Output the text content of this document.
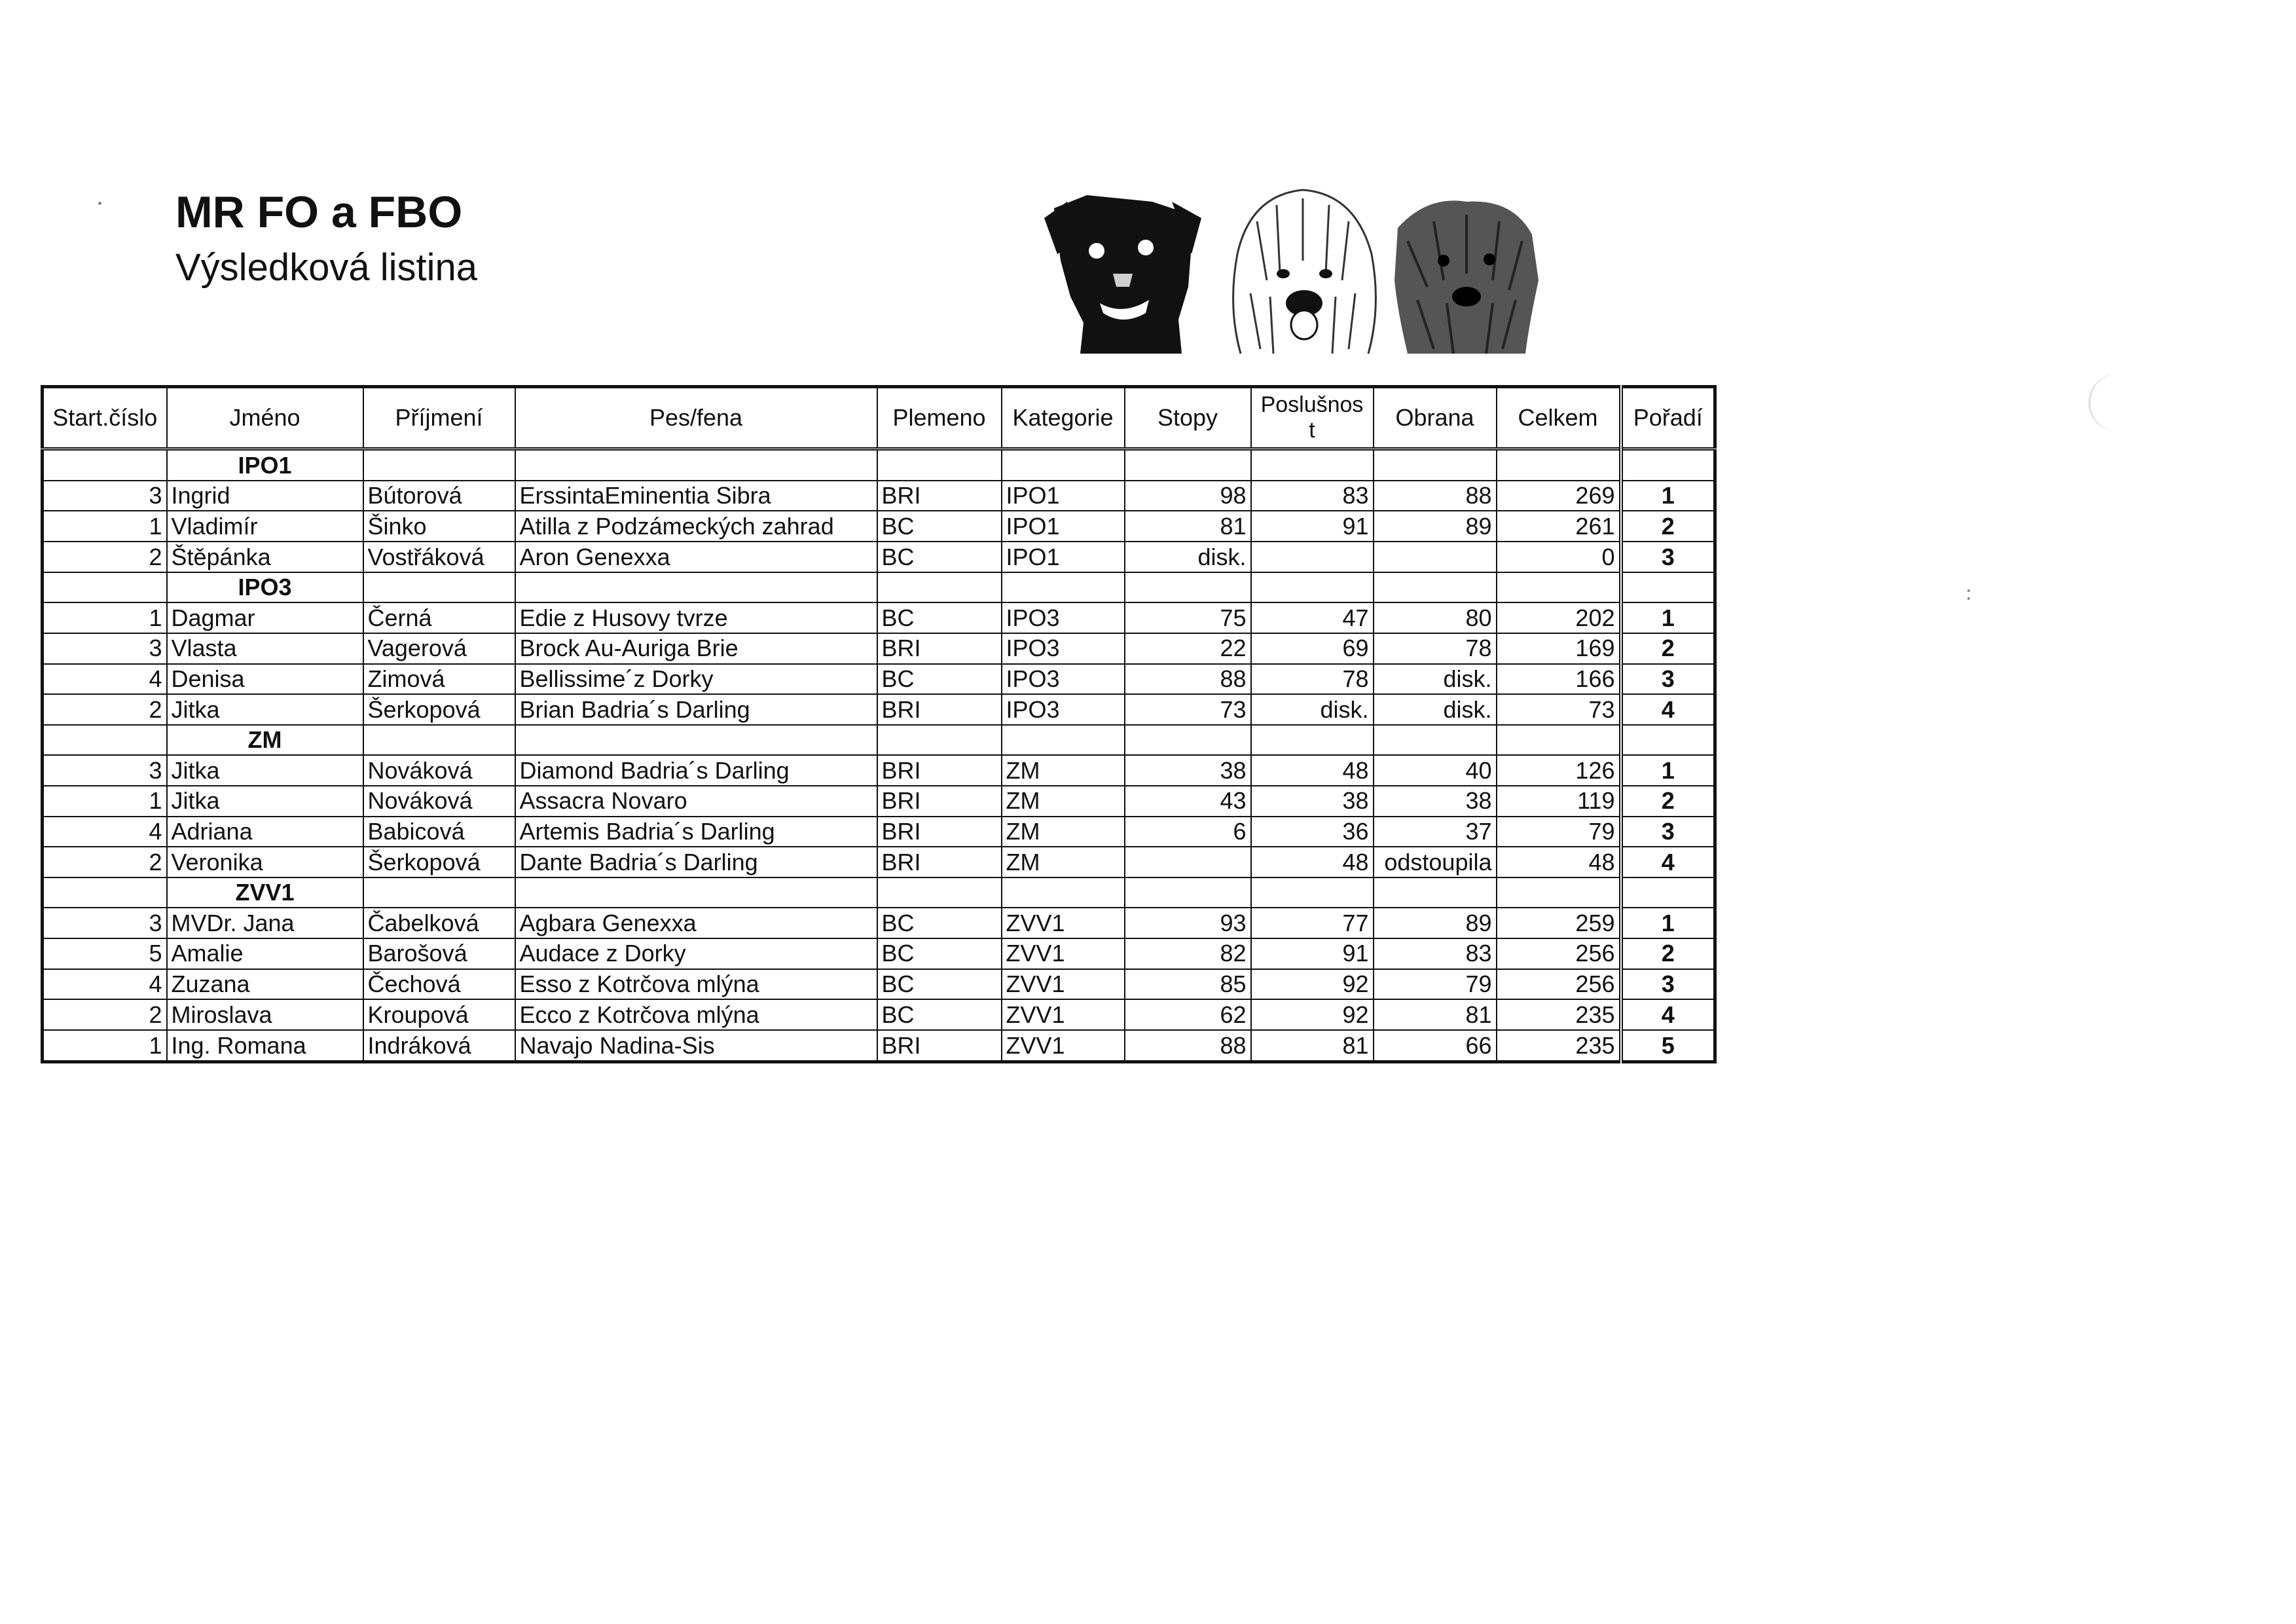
MR FO a FBO
Výsledková listina
Start.číslo	Jméno	Příjmení	Pes/fena	Plemeno	Kategorie	Stopy	Poslušnos t	Obrana	Celkem	Pořadí
	IPO1									
3	Ingrid	Bútorová	ErssintaEminentia Sibra	BRI	IPO1	98	83	88	269	1
1	Vladimír	Šinko	Atilla z Podzámeckých zahrad	BC	IPO1	81	91	89	261	2
2	Štěpánka	Vostřáková	Aron Genexxa	BC	IPO1	disk.			0	3
	IPO3									
1	Dagmar	Černá	Edie z Husovy tvrze	BC	IPO3	75	47	80	202	1
3	Vlasta	Vagerová	Brock Au-Auriga Brie	BRI	IPO3	22	69	78	169	2
4	Denisa	Zimová	Bellissime´z Dorky	BC	IPO3	88	78	disk.	166	3
2	Jitka	Šerkopová	Brian Badria´s Darling	BRI	IPO3	73	disk.	disk.	73	4
	ZM									
3	Jitka	Nováková	Diamond Badria´s Darling	BRI	ZM	38	48	40	126	1
1	Jitka	Nováková	Assacra Novaro	BRI	ZM	43	38	38	119	2
4	Adriana	Babicová	Artemis Badria´s Darling	BRI	ZM	6	36	37	79	3
2	Veronika	Šerkopová	Dante Badria´s Darling	BRI	ZM		48	odstoupila	48	4
	ZVV1									
3	MVDr. Jana	Čabelková	Agbara Genexxa	BC	ZVV1	93	77	89	259	1
5	Amalie	Barošová	Audace z Dorky	BC	ZVV1	82	91	83	256	2
4	Zuzana	Čechová	Esso z Kotrčova mlýna	BC	ZVV1	85	92	79	256	3
2	Miroslava	Kroupová	Ecco z Kotrčova mlýna	BC	ZVV1	62	92	81	235	4
1	Ing. Romana	Indráková	Navajo Nadina-Sis	BRI	ZVV1	88	81	66	235	5
